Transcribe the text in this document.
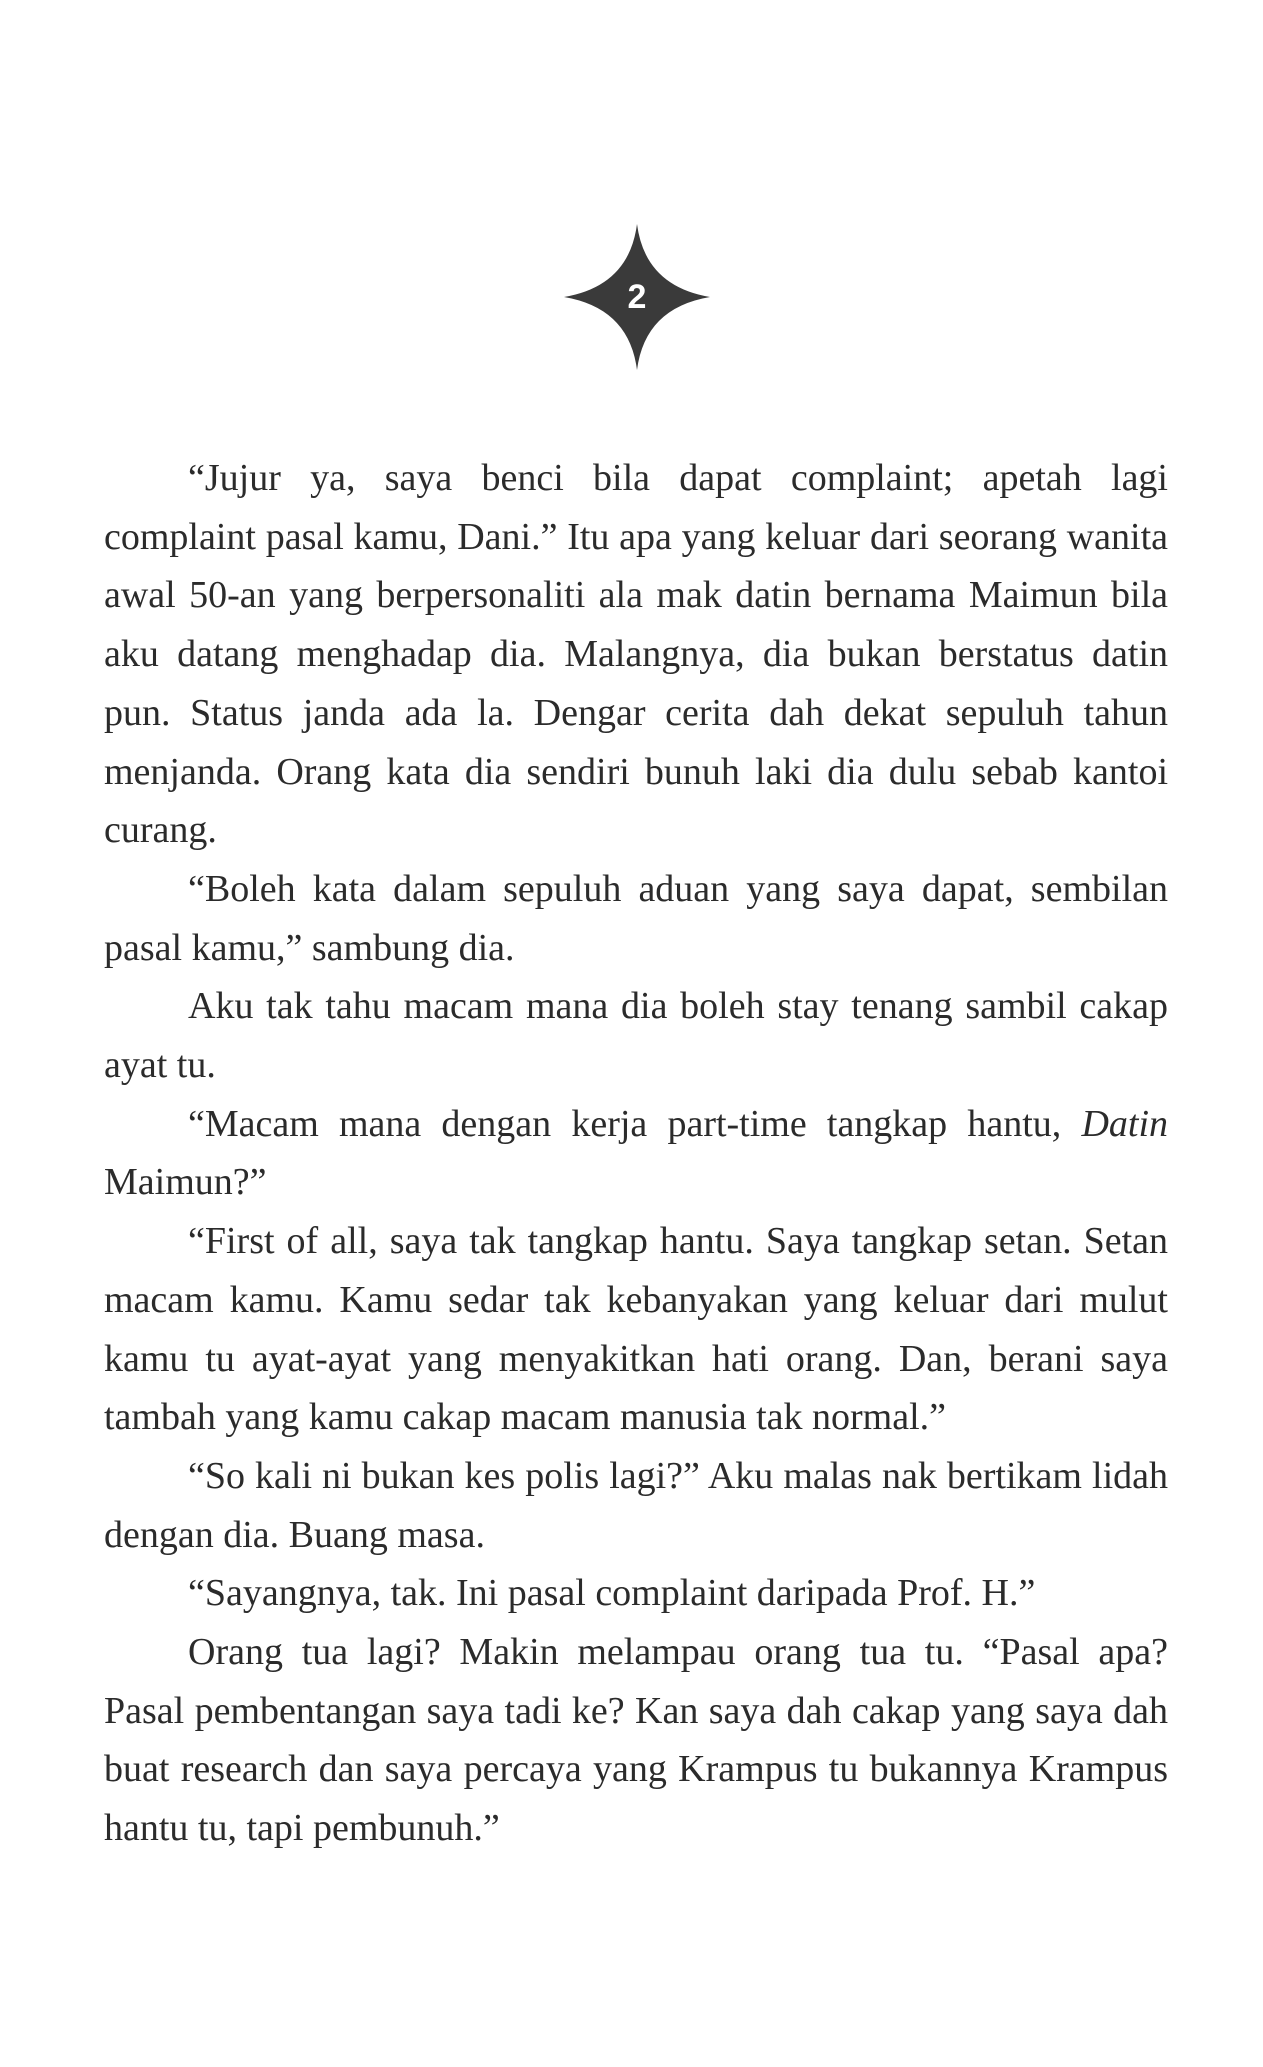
2

“Jujur ya, saya benci bila dapat complaint; apetah lagi complaint pasal kamu, Dani.” Itu apa yang keluar dari seorang wanita awal 50-an yang berpersonaliti ala mak datin bernama Maimun bila aku datang menghadap dia. Malangnya, dia bukan berstatus datin pun. Status janda ada la. Dengar cerita dah dekat sepuluh tahun menjanda. Orang kata dia sendiri bunuh laki dia dulu sebab kantoi curang.

“Boleh kata dalam sepuluh aduan yang saya dapat, sembilan pasal kamu,” sambung dia.

Aku tak tahu macam mana dia boleh stay tenang sambil cakap ayat tu.

“Macam mana dengan kerja part-time tangkap hantu, Datin Maimun?”

“First of all, saya tak tangkap hantu. Saya tangkap setan. Setan macam kamu. Kamu sedar tak kebanyakan yang keluar dari mulut kamu tu ayat-ayat yang menyakitkan hati orang. Dan, berani saya tambah yang kamu cakap macam manusia tak normal.”

“So kali ni bukan kes polis lagi?” Aku malas nak bertikam lidah dengan dia. Buang masa.

“Sayangnya, tak. Ini pasal complaint daripada Prof. H.”

Orang tua lagi? Makin melampau orang tua tu. “Pasal apa? Pasal pembentangan saya tadi ke? Kan saya dah cakap yang saya dah buat research dan saya percaya yang Krampus tu bukannya Krampus hantu tu, tapi pembunuh.”
